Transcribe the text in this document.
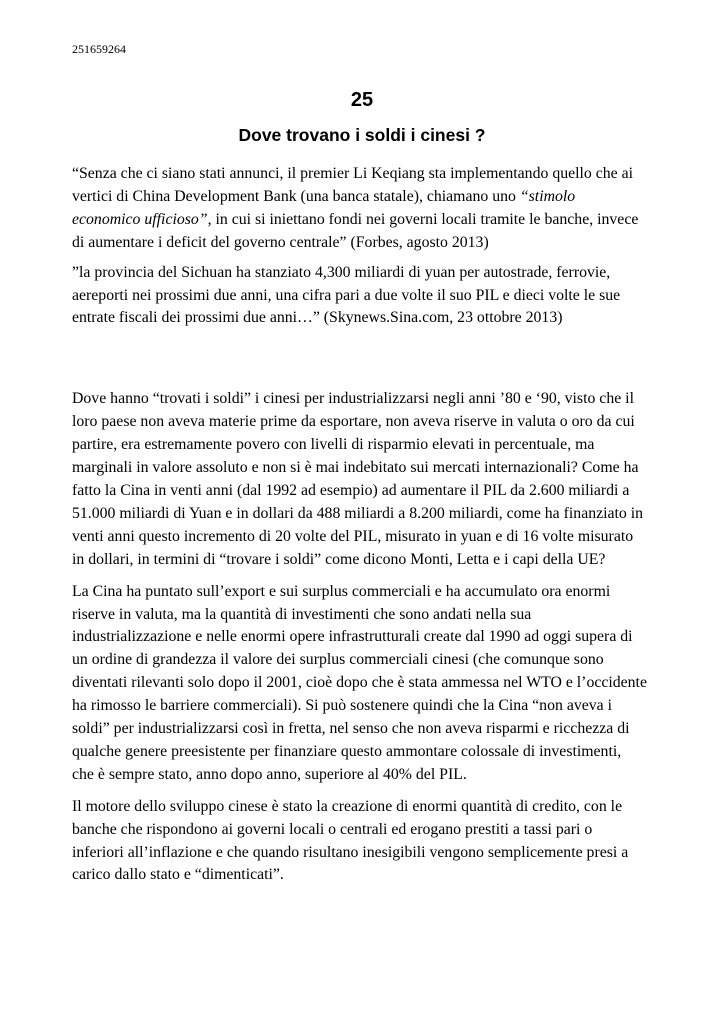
251659264
25
Dove trovano i soldi i cinesi ?

“Senza che ci siano stati annunci, il premier Li Keqiang sta implementando quello che ai vertici di China Development Bank (una banca statale), chiamano uno “stimolo economico ufficioso”, in cui si iniettano fondi nei governi locali tramite le banche, invece di aumentare i deficit del governo centrale” (Forbes, agosto 2013)

”la provincia del Sichuan ha stanziato 4,300 miliardi di yuan per autostrade, ferrovie, aereporti nei prossimi due anni, una cifra pari a due volte il suo PIL e dieci volte le sue entrate fiscali dei prossimi due anni…” (Skynews.Sina.com, 23 ottobre 2013)

Dove hanno “trovati i soldi” i cinesi per industrializzarsi negli anni ’80 e ‘90, visto che il loro paese non aveva materie prime da esportare, non aveva riserve in valuta o oro da cui partire, era estremamente povero con livelli di risparmio elevati in percentuale, ma marginali in valore assoluto e non si è mai indebitato sui mercati internazionali? Come ha fatto la Cina in venti anni (dal 1992 ad esempio) ad aumentare il PIL da 2.600 miliardi a 51.000 miliardi di Yuan e in dollari da 488 miliardi a 8.200 miliardi, come ha finanziato in venti anni questo incremento di 20 volte del PIL, misurato in yuan e di 16 volte misurato in dollari, in termini di “trovare i soldi” come dicono Monti, Letta e i capi della UE?

La Cina ha puntato sull’export e sui surplus commerciali e ha accumulato ora enormi riserve in valuta, ma la quantità di investimenti che sono andati nella sua industrializzazione e nelle enormi opere infrastrutturali create dal 1990 ad oggi supera di un ordine di grandezza il valore dei surplus commerciali cinesi (che comunque sono diventati rilevanti solo dopo il 2001, cioè dopo che è stata ammessa nel WTO e l’occidente ha rimosso le barriere commerciali). Si può sostenere quindi che la Cina “non aveva i soldi” per industrializzarsi così in fretta, nel senso che non aveva risparmi e ricchezza di qualche genere preesistente per finanziare questo ammontare colossale di investimenti, che è sempre stato, anno dopo anno, superiore al 40% del PIL.

Il motore dello sviluppo cinese è stato la creazione di enormi quantità di credito, con le banche che rispondono ai governi locali o centrali ed erogano prestiti a tassi pari o inferiori all’inflazione e che quando risultano inesigibili vengono semplicemente presi a carico dallo stato e “dimenticati”.
